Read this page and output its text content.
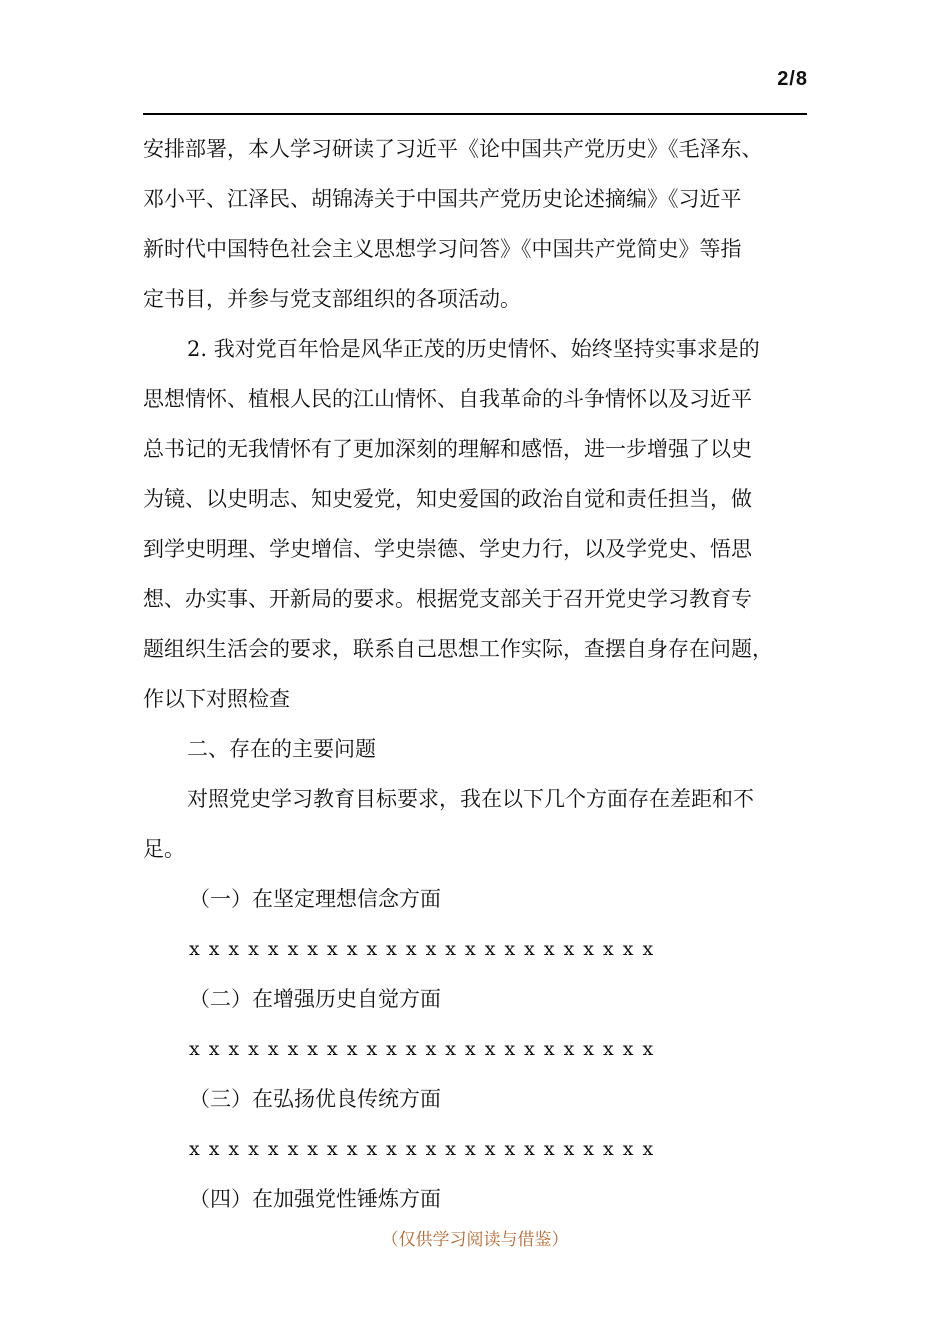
2/8
安排部署，本人学习研读了习近平《论中国共产党历史》《毛泽东、
邓小平、江泽民、胡锦涛关于中国共产党历史论述摘编》《习近平
新时代中国特色社会主义思想学习问答》《中国共产党简史》等指
定书目，并参与党支部组织的各项活动。
2. 我对党百年恰是风华正茂的历史情怀、始终坚持实事求是的
思想情怀、植根人民的江山情怀、自我革命的斗争情怀以及习近平
总书记的无我情怀有了更加深刻的理解和感悟，进一步增强了以史
为镜、以史明志、知史爱党，知史爱国的政治自觉和责任担当，做
到学史明理、学史增信、学史崇德、学史力行，以及学党史、悟思
想、办实事、开新局的要求。根据党支部关于召开党史学习教育专
题组织生活会的要求，联系自己思想工作实际，查摆自身存在问题，
作以下对照检查
二、存在的主要问题
对照党史学习教育目标要求，我在以下几个方面存在差距和不
足。
（一）在坚定理想信念方面
xxxxxxxxxxxxxxxxxxxxxxxx
（二）在增强历史自觉方面
xxxxxxxxxxxxxxxxxxxxxxxx
（三）在弘扬优良传统方面
xxxxxxxxxxxxxxxxxxxxxxxx
（四）在加强党性锤炼方面
（仅供学习阅读与借鉴）
